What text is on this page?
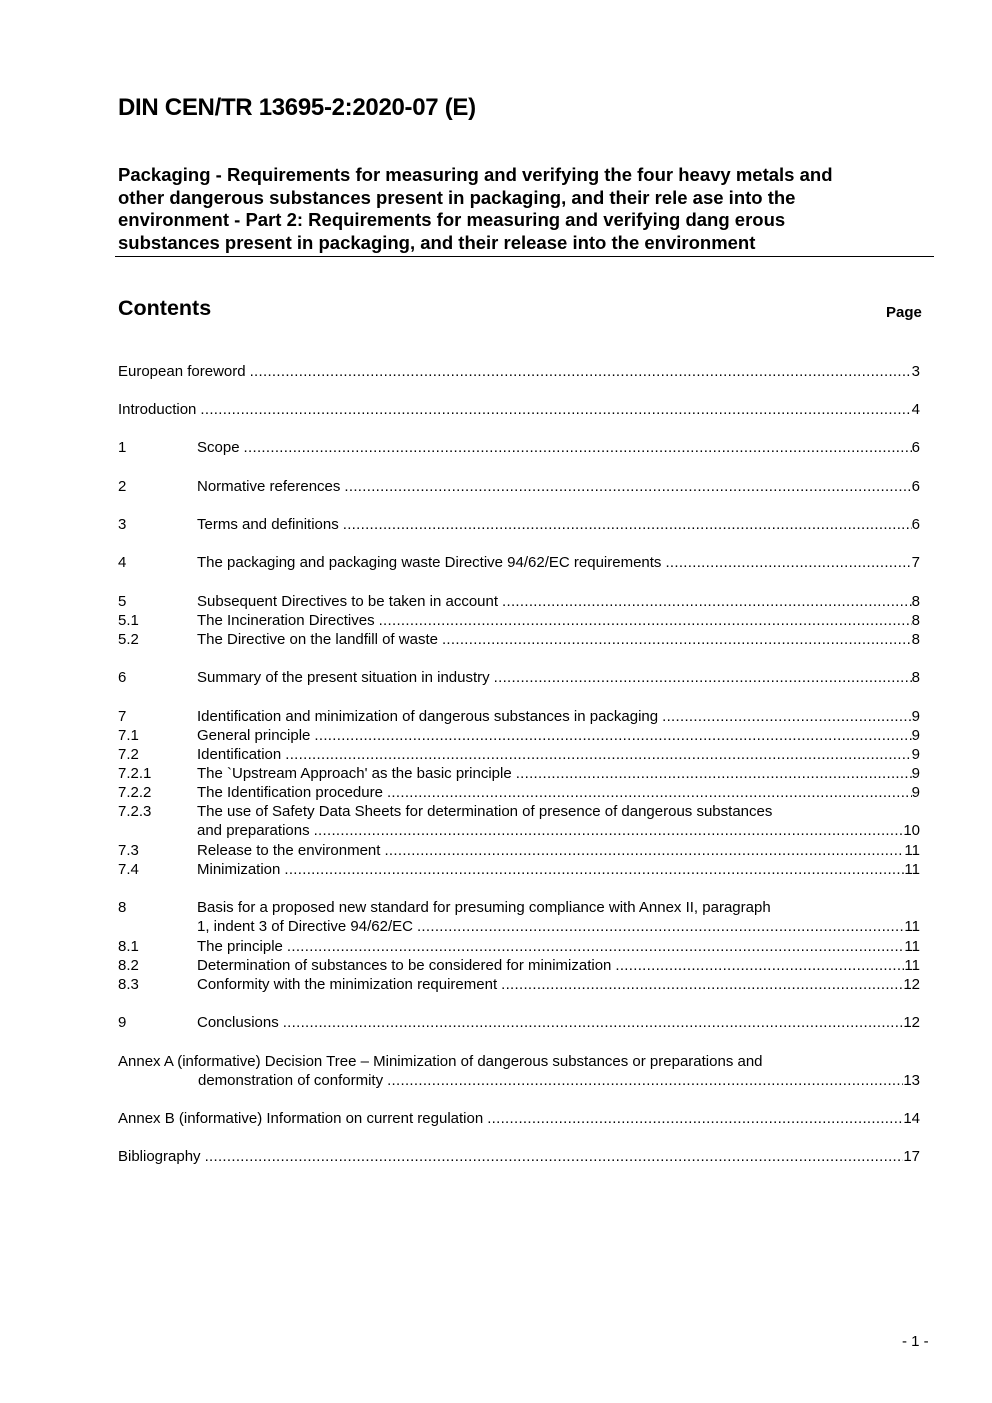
DIN CEN/TR 13695-2:2020-07 (E)
Packaging - Requirements for measuring and verifying the four heavy metals and
other dangerous substances present in packaging, and their rele ase into the
environment - Part 2: Requirements for measuring and verifying dang erous
substances present in packaging, and their release into the environment
Contents	Page
European foreword .....	3
Introduction .....	4
1	Scope .....	6
2	Normative references .....	6
3	Terms and definitions .....	6
4	The packaging and packaging waste Directive 94/62/EC requirements .....	7
5	Subsequent Directives to be taken in account .....	8
5.1	The Incineration Directives .....	8
5.2	The Directive on the landfill of waste .....	8
6	Summary of the present situation in industry .....	8
7	Identification and minimization of dangerous substances in packaging .....	9
7.1	General principle .....	9
7.2	Identification .....	9
7.2.1	The `Upstream Approach' as the basic principle .....	9
7.2.2	The Identification procedure .....	9
7.2.3	The use of Safety Data Sheets for determination of presence of dangerous substances
and preparations .....	10
7.3	Release to the environment .....	11
7.4	Minimization .....	11
8	Basis for a proposed new standard for presuming compliance with Annex II, paragraph
1, indent 3 of Directive 94/62/EC .....	11
8.1	The principle .....	11
8.2	Determination of substances to be considered for minimization .....	11
8.3	Conformity with the minimization requirement .....	12
9	Conclusions .....	12
Annex A (informative) Decision Tree – Minimization of dangerous substances or preparations and
demonstration of conformity .....	13
Annex B (informative) Information on current regulation .....	14
Bibliography .....	17
- 1 -
